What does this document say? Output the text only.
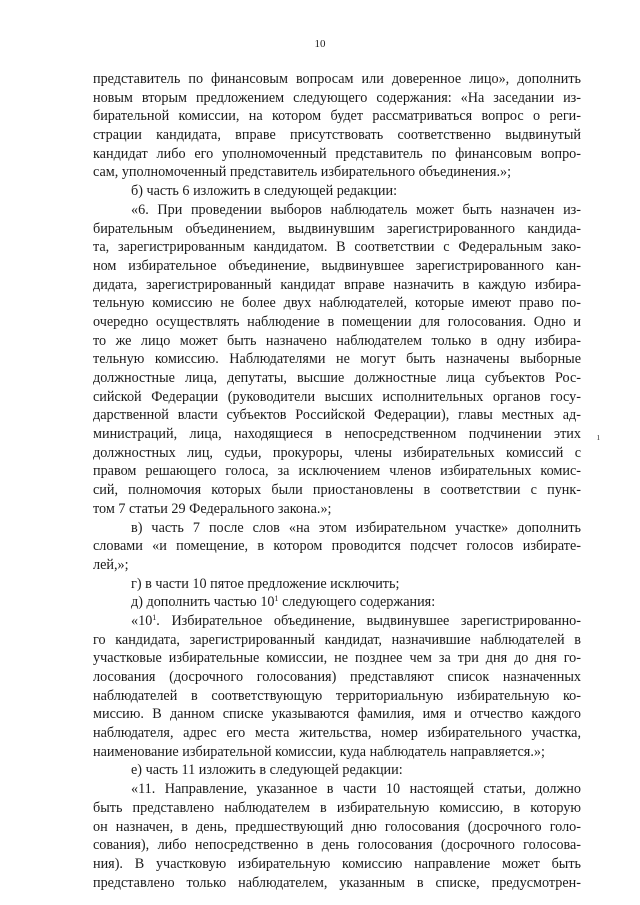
10
представитель по финансовым вопросам или доверенное лицо», дополнить
новым вторым предложением следующего содержания: «На заседании из-
бирательной комиссии, на котором будет рассматриваться вопрос о реги-
страции кандидата, вправе присутствовать соответственно выдвинутый
кандидат либо его уполномоченный представитель по финансовым вопро-
сам, уполномоченный представитель избирательного объединения.»;
б) часть 6 изложить в следующей редакции:
«6. При проведении выборов наблюдатель может быть назначен из-
бирательным объединением, выдвинувшим зарегистрированного кандида-
та, зарегистрированным кандидатом. В соответствии с Федеральным зако-
ном избирательное объединение, выдвинувшее зарегистрированного кан-
дидата, зарегистрированный кандидат вправе назначить в каждую избира-
тельную комиссию не более двух наблюдателей, которые имеют право по-
очередно осуществлять наблюдение в помещении для голосования. Одно и
то же лицо может быть назначено наблюдателем только в одну избира-
тельную комиссию. Наблюдателями не могут быть назначены выборные
должностные лица, депутаты, высшие должностные лица субъектов Рос-
сийской Федерации (руководители высших исполнительных органов госу-
дарственной власти субъектов Российской Федерации), главы местных ад-
министраций, лица, находящиеся в непосредственном подчинении этих
должностных лиц, судьи, прокуроры, члены избирательных комиссий с
правом решающего голоса, за исключением членов избирательных комис-
сий, полномочия которых были приостановлены в соответствии с пунк-
том 7 статьи 29 Федерального закона.»;
в) часть 7 после слов «на этом избирательном участке» дополнить
словами «и помещение, в котором проводится подсчет голосов избирате-
лей,»;
г) в части 10 пятое предложение исключить;
д) дополнить частью $10^1$ следующего содержания:
«$10^1$. Избирательное объединение, выдвинувшее зарегистрированно-
го кандидата, зарегистрированный кандидат, назначившие наблюдателей в
участковые избирательные комиссии, не позднее чем за три дня до дня го-
лосования (досрочного голосования) представляют список назначенных
наблюдателей в соответствующую территориальную избирательную ко-
миссию. В данном списке указываются фамилия, имя и отчество каждого
наблюдателя, адрес его места жительства, номер избирательного участка,
наименование избирательной комиссии, куда наблюдатель направляется.»;
е) часть 11 изложить в следующей редакции:
«11. Направление, указанное в части 10 настоящей статьи, должно
быть представлено наблюдателем в избирательную комиссию, в которую
он назначен, в день, предшествующий дню голосования (досрочного голо-
сования), либо непосредственно в день голосования (досрочного голосова-
ния). В участковую избирательную комиссию направление может быть
представлено только наблюдателем, указанным в списке, предусмотрен-
ı
